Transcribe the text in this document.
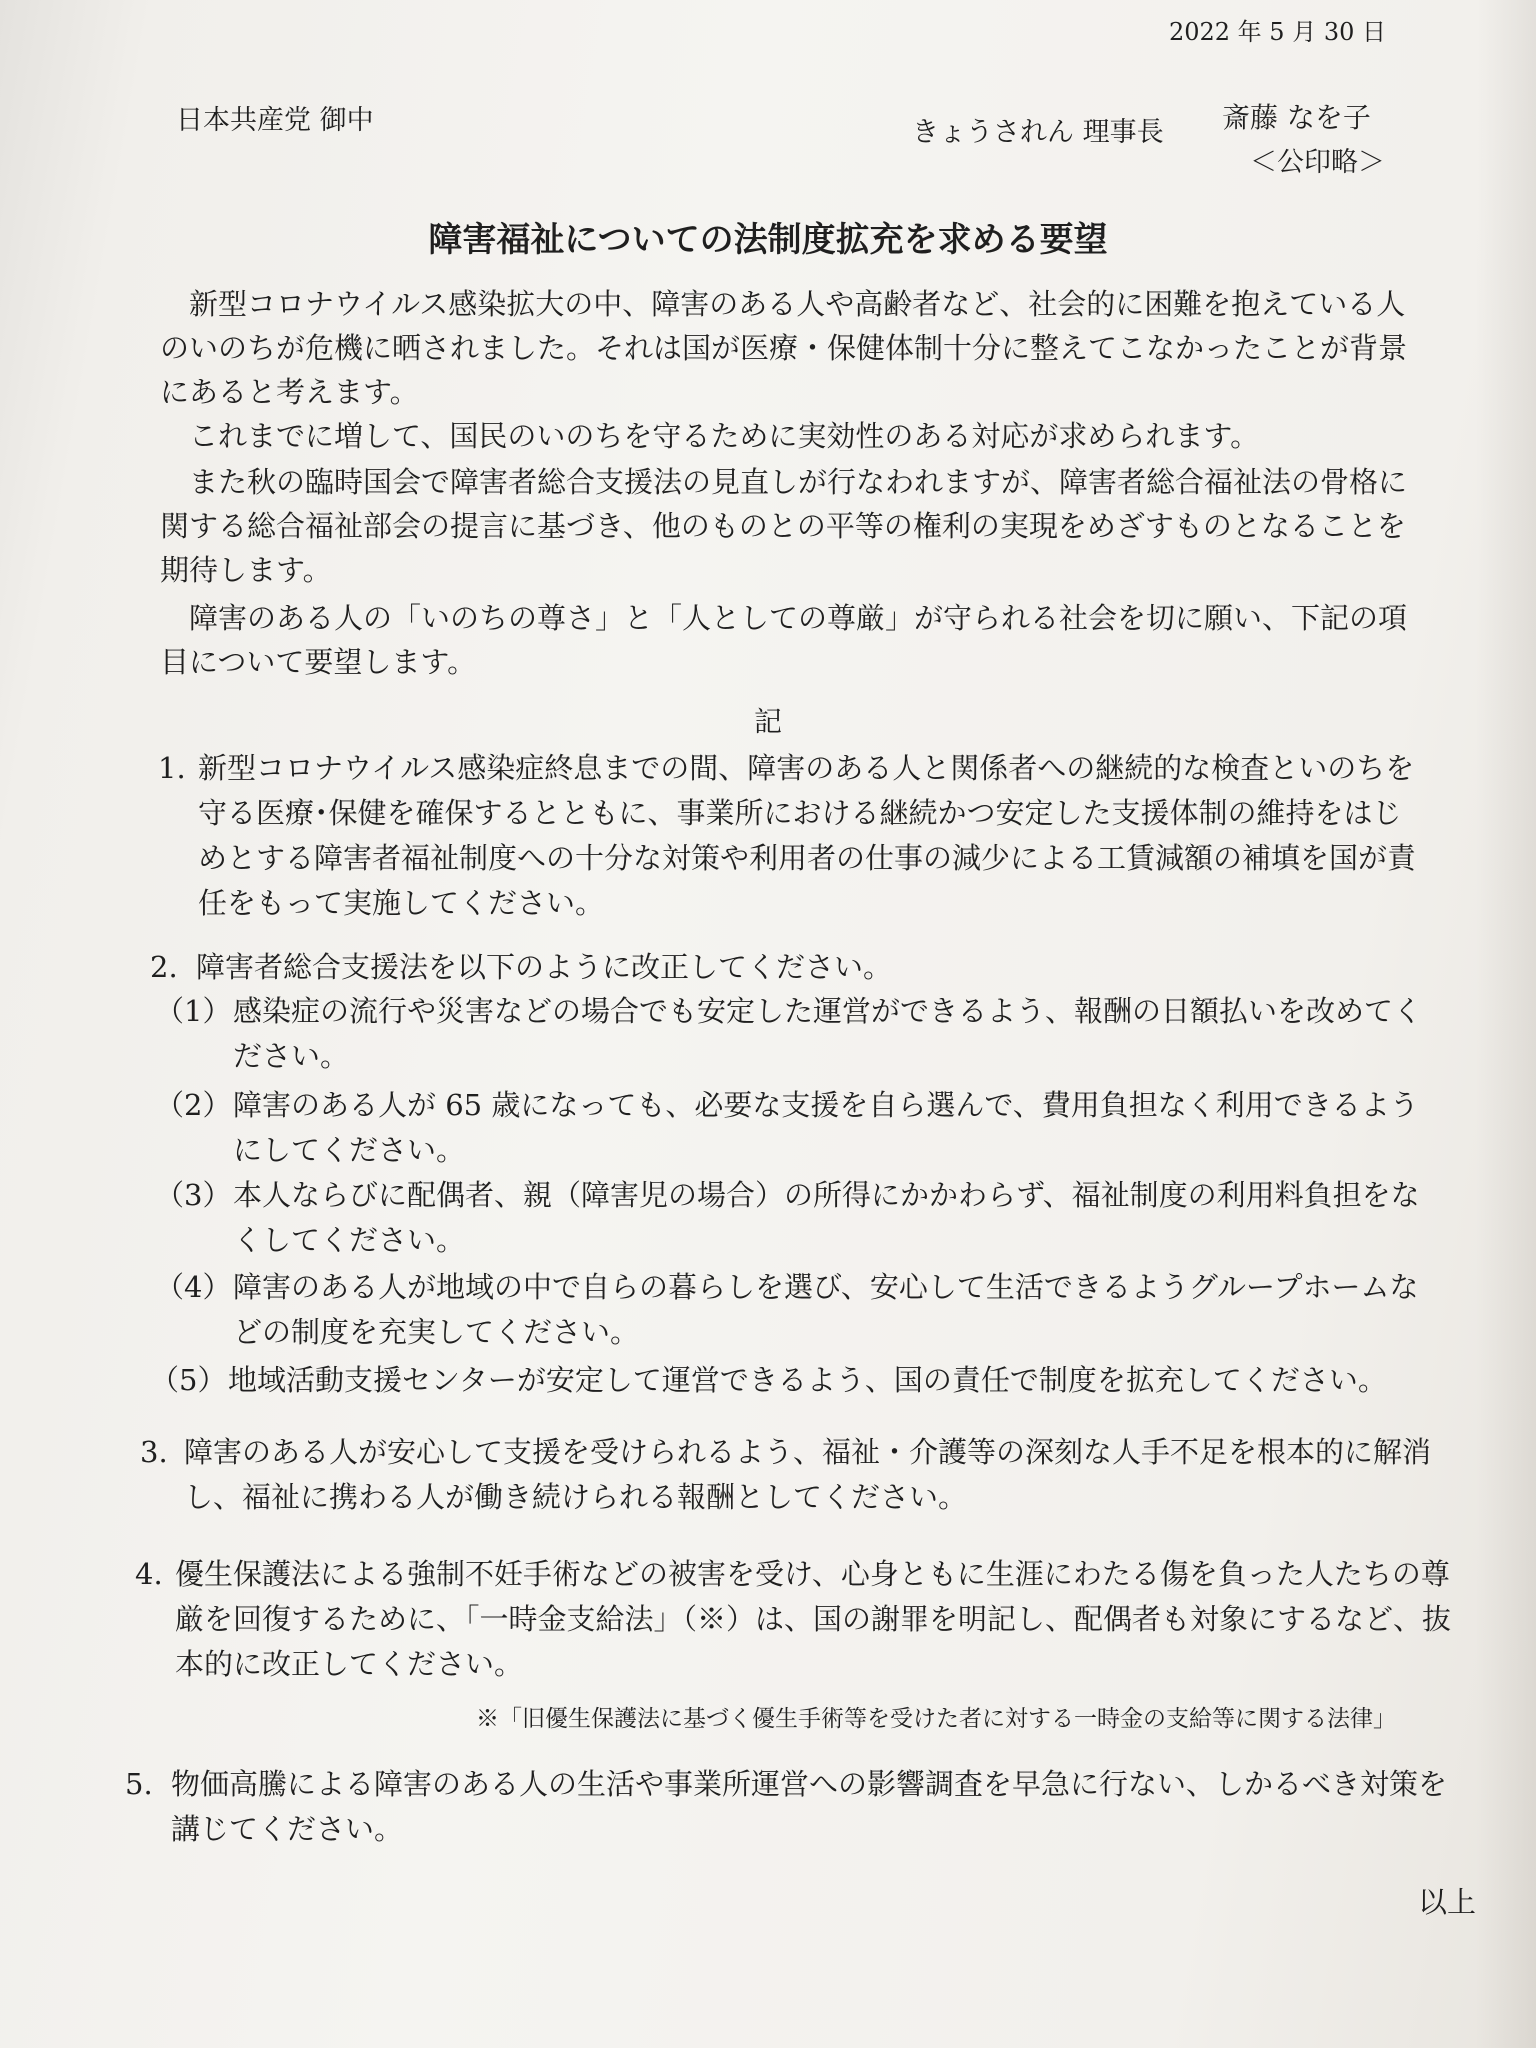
2022 年 5 月 30 日
日本共産党 御中	きょうされん 理事長 斎藤 なを子
＜公印略＞
障害福祉についての法制度拡充を求める要望

新型コロナウイルス感染拡大の中、障害のある人や高齢者など、社会的に困難を抱えている人のいのちが危機に晒されました。それは国が医療・保健体制十分に整えてこなかったことが背景にあると考えます。

これまでに増して、国民のいのちを守るために実効性のある対応が求められます。

また秋の臨時国会で障害者総合支援法の見直しが行なわれますが、障害者総合福祉法の骨格に関する総合福祉部会の提言に基づき、他のものとの平等の権利の実現をめざすものとなることを期待します。

障害のある人の「いのちの尊さ」と「人としての尊厳」が守られる社会を切に願い、下記の項目について要望します。

記
1. 新型コロナウイルス感染症終息までの間、障害のある人と関係者への継続的な検査といのちを守る医療･保健を確保するとともに、事業所における継続かつ安定した支援体制の維持をはじめとする障害者福祉制度への十分な対策や利用者の仕事の減少による工賃減額の補填を国が責任をもって実施してください。
2. 障害者総合支援法を以下のように改正してください。
（1） 感染症の流行や災害などの場合でも安定した運営ができるよう、報酬の日額払いを改めてください。
（2） 障害のある人が 65 歳になっても、必要な支援を自ら選んで、費用負担なく利用できるようにしてください。
（3） 本人ならびに配偶者、親（障害児の場合）の所得にかかわらず、福祉制度の利用料負担をなくしてください。
（4） 障害のある人が地域の中で自らの暮らしを選び、安心して生活できるようグループホームなどの制度を充実してください。
（5） 地域活動支援センターが安定して運営できるよう、国の責任で制度を拡充してください。
3. 障害のある人が安心して支援を受けられるよう、福祉・介護等の深刻な人手不足を根本的に解消し、福祉に携わる人が働き続けられる報酬としてください。
4. 優生保護法による強制不妊手術などの被害を受け、心身ともに生涯にわたる傷を負った人たちの尊厳を回復するために、「一時金支給法」（※）は、国の謝罪を明記し、配偶者も対象にするなど、抜本的に改正してください。
※「旧優生保護法に基づく優生手術等を受けた者に対する一時金の支給等に関する法律」
5. 物価高騰による障害のある人の生活や事業所運営への影響調査を早急に行ない、しかるべき対策を講じてください。
以上
